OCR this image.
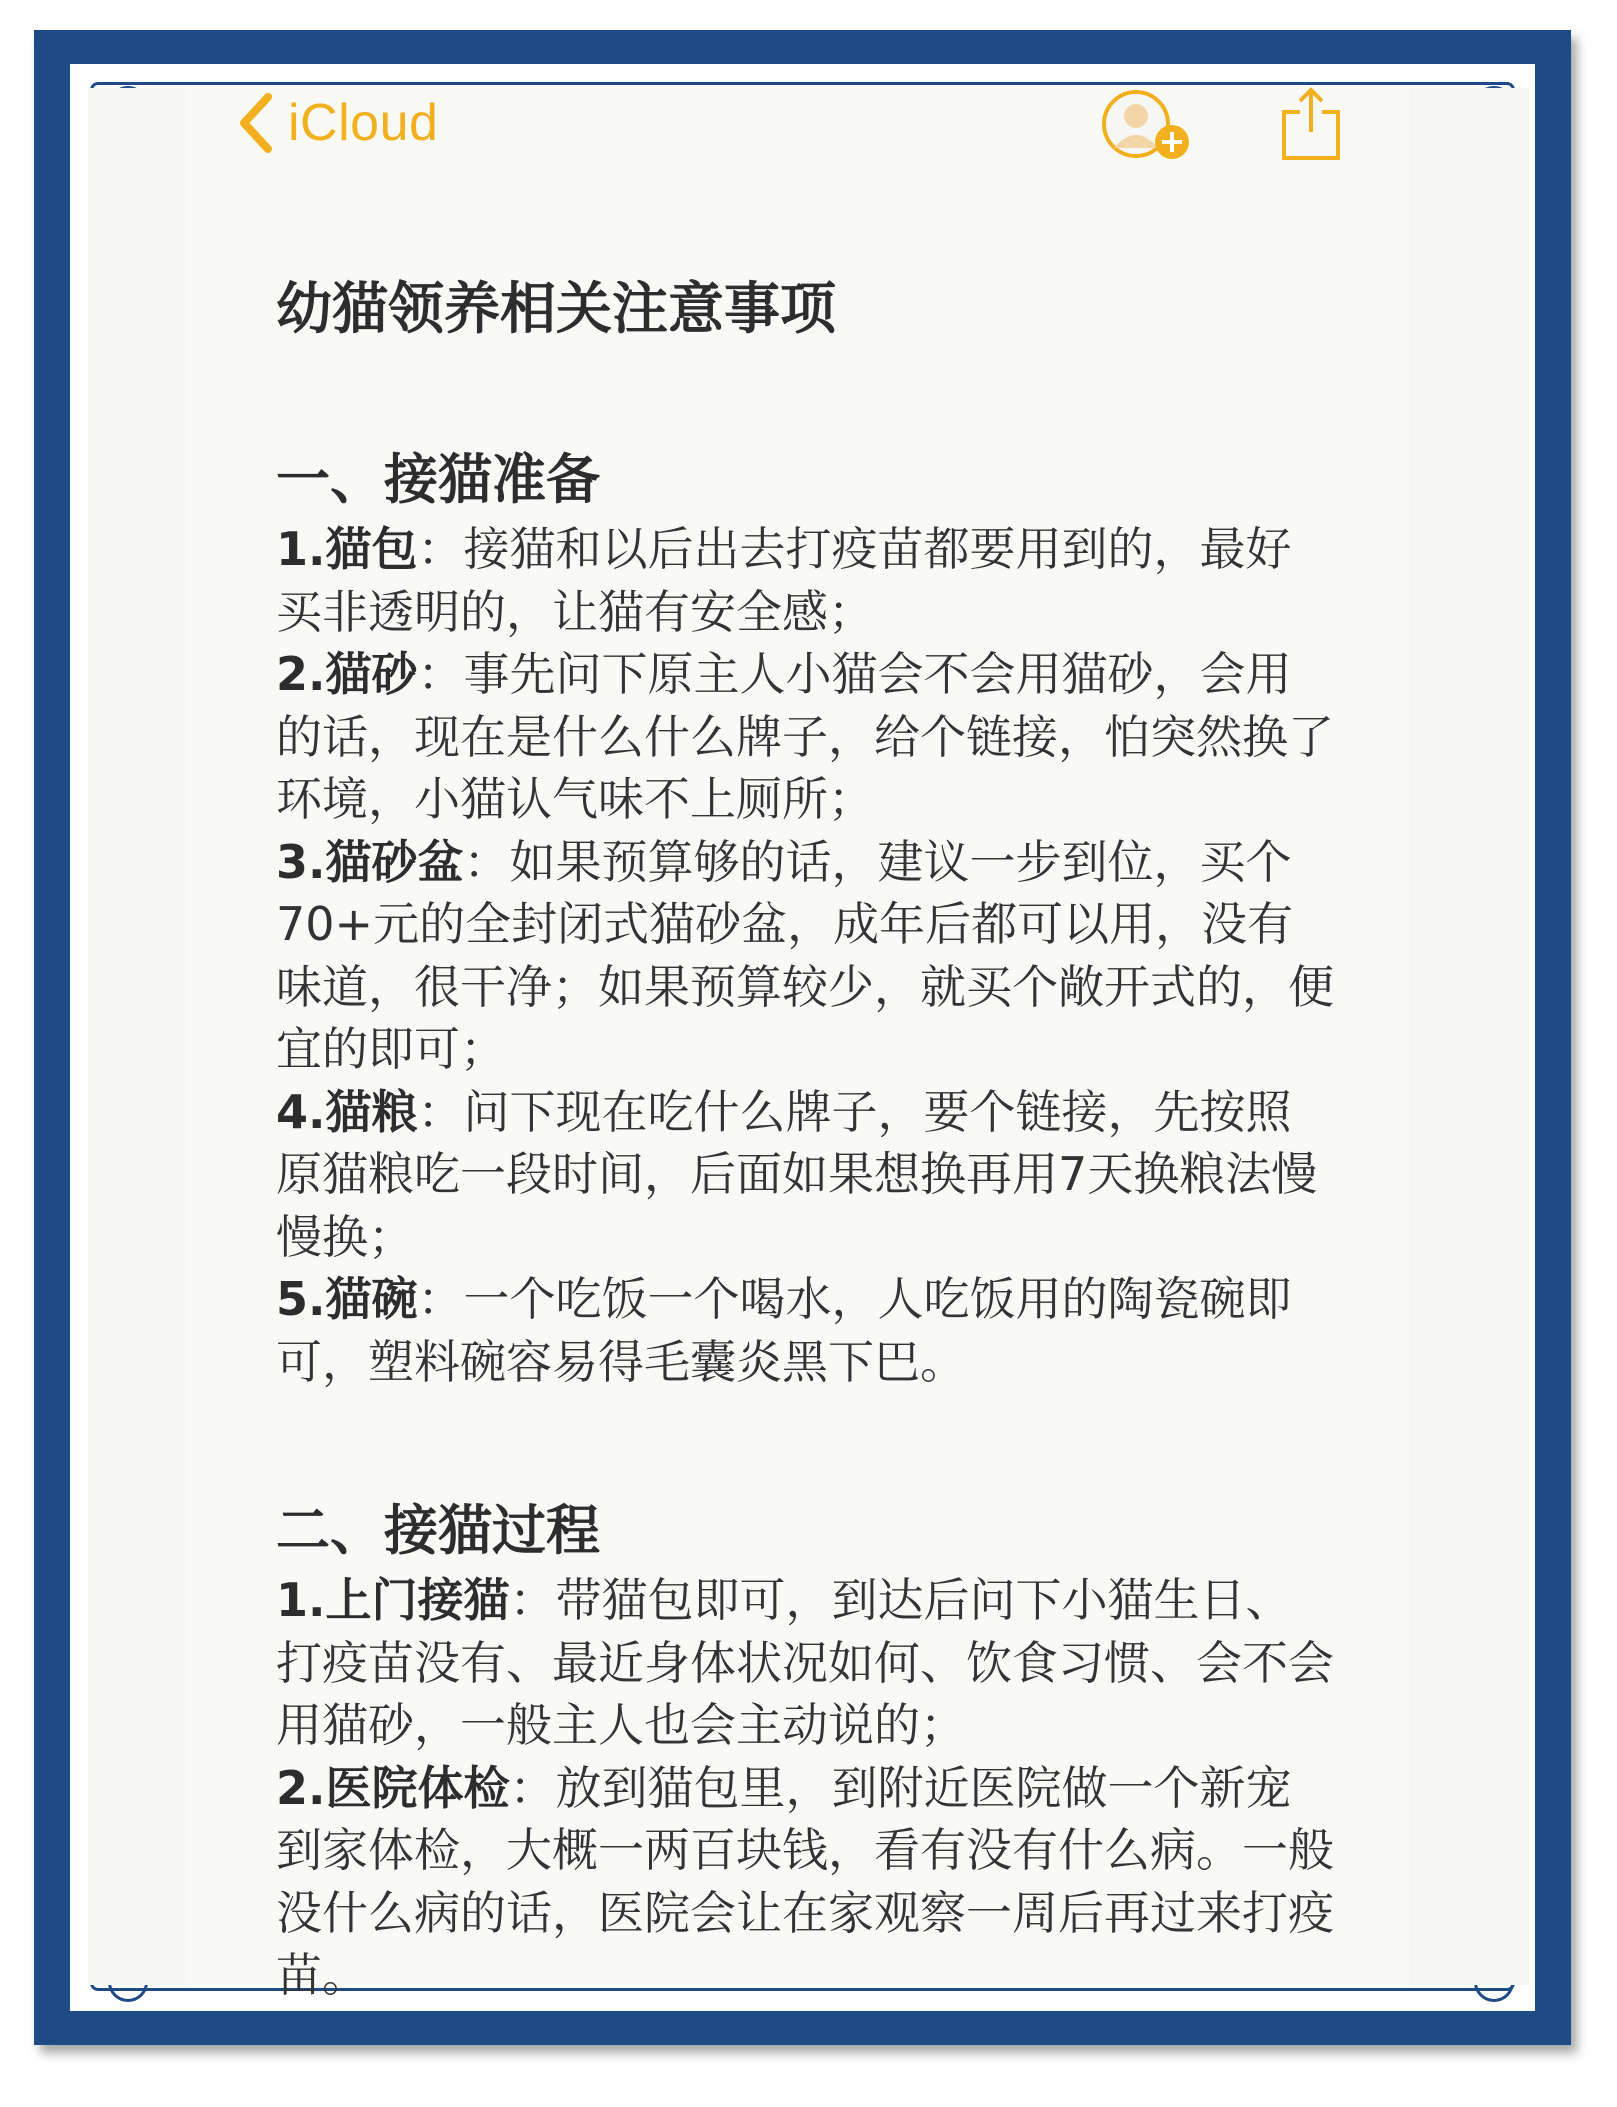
iCloud
幼猫领养相关注意事项
一、接猫准备

1.猫包：接猫和以后出去打疫苗都要用到的，最好买非透明的，让猫有安全感；

2.猫砂：事先问下原主人小猫会不会用猫砂，会用的话，现在是什么什么牌子，给个链接，怕突然换了环境，小猫认气味不上厕所；

3.猫砂盆：如果预算够的话，建议一步到位，买个70+元的全封闭式猫砂盆，成年后都可以用，没有味道，很干净；如果预算较少，就买个敞开式的，便宜的即可；

4.猫粮：问下现在吃什么牌子，要个链接，先按照原猫粮吃一段时间，后面如果想换再用7天换粮法慢慢换；

5.猫碗：一个吃饭一个喝水，人吃饭用的陶瓷碗即可，塑料碗容易得毛囊炎黑下巴。

二、接猫过程

1.上门接猫：带猫包即可，到达后问下小猫生日、打疫苗没有、最近身体状况如何、饮食习惯、会不会用猫砂，一般主人也会主动说的；

2.医院体检：放到猫包里，到附近医院做一个新宠到家体检，大概一两百块钱，看有没有什么病。一般没什么病的话，医院会让在家观察一周后再过来打疫苗。
